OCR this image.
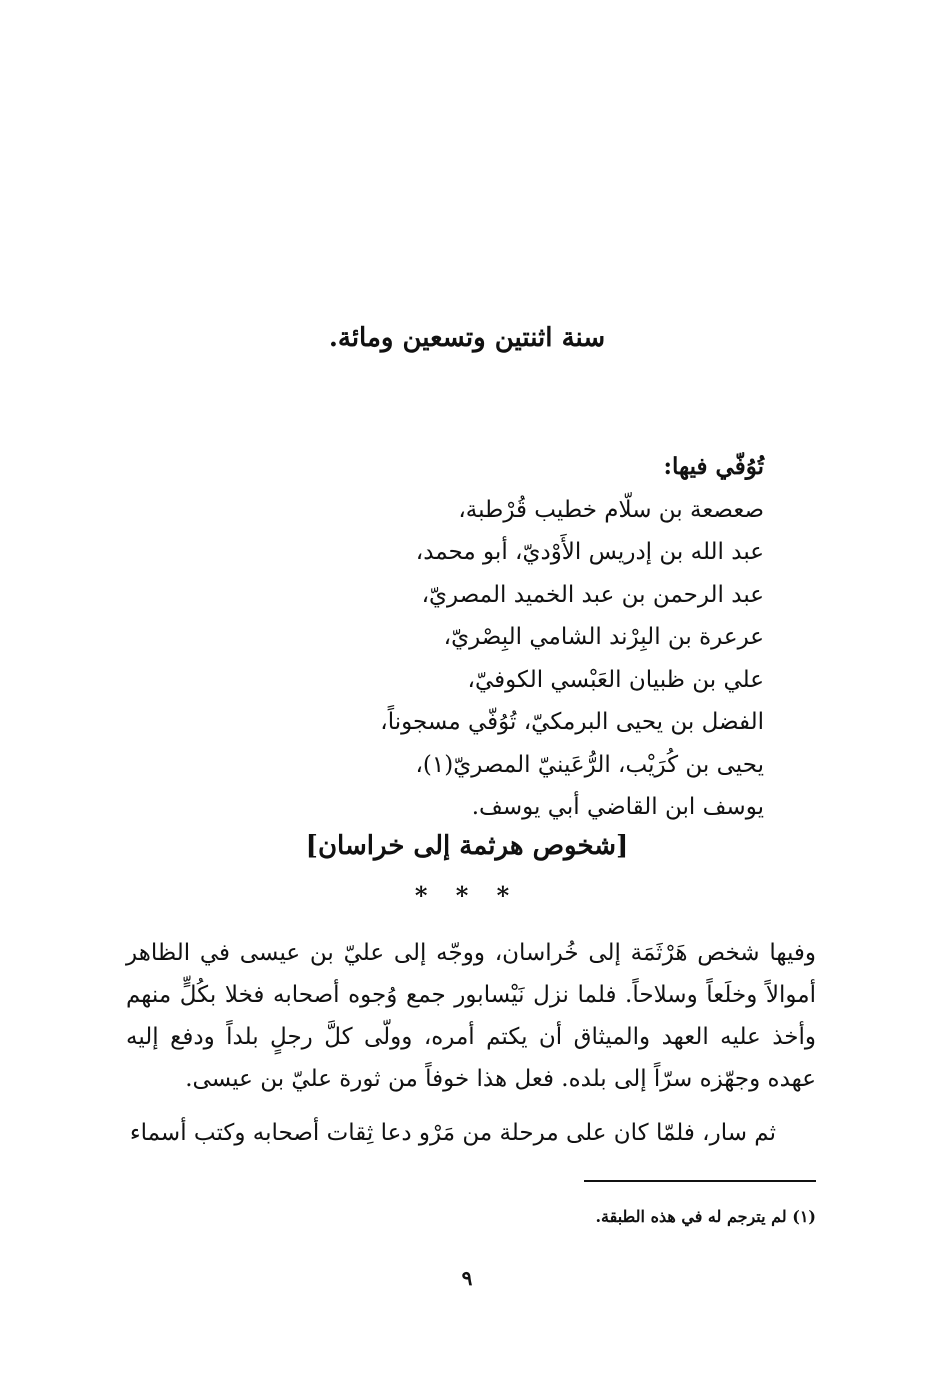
سنة اثنتين وتسعين ومائة.
تُوُفّي فيها:
صعصعة بن سلّام خطيب قُرْطبة،
عبد الله بن إدريس الأَوْديّ، أبو محمد،
عبد الرحمن بن عبد الخميد المصريّ،
عرعرة بن البِرْند الشامي البِصْريّ،
علي بن ظبيان العَبْسي الكوفيّ،
الفضل بن يحيى البرمكيّ، تُوُفّي مسجوناً،
يحيى بن كُرَيْب، الرُّعَينيّ المصريّ(١)،
يوسف ابن القاضي أبي يوسف.
[شخوص هرثمة إلى خراسان]
* * *

وفيها شخص هَرْثَمَة إلى خُراسان، ووجّه إلى عليّ بن عيسى في الظاهر أموالاً وخلَعاً وسلاحاً. فلما نزل نَيْسابور جمع وُجوه أصحابه فخلا بكُلٍّ منهم وأخذ عليه العهد والميثاق أن يكتم أمره، وولّى كلَّ رجلٍ بلداً ودفع إليه عهده وجهّزه سرّاً إلى بلده. فعل هذا خوفاً من ثورة عليّ بن عيسى.

ثم سار، فلمّا كان على مرحلة من مَرْو دعا ثِقات أصحابه وكتب أسماء

(١) لم يترجم له في هذه الطبقة.
٩
